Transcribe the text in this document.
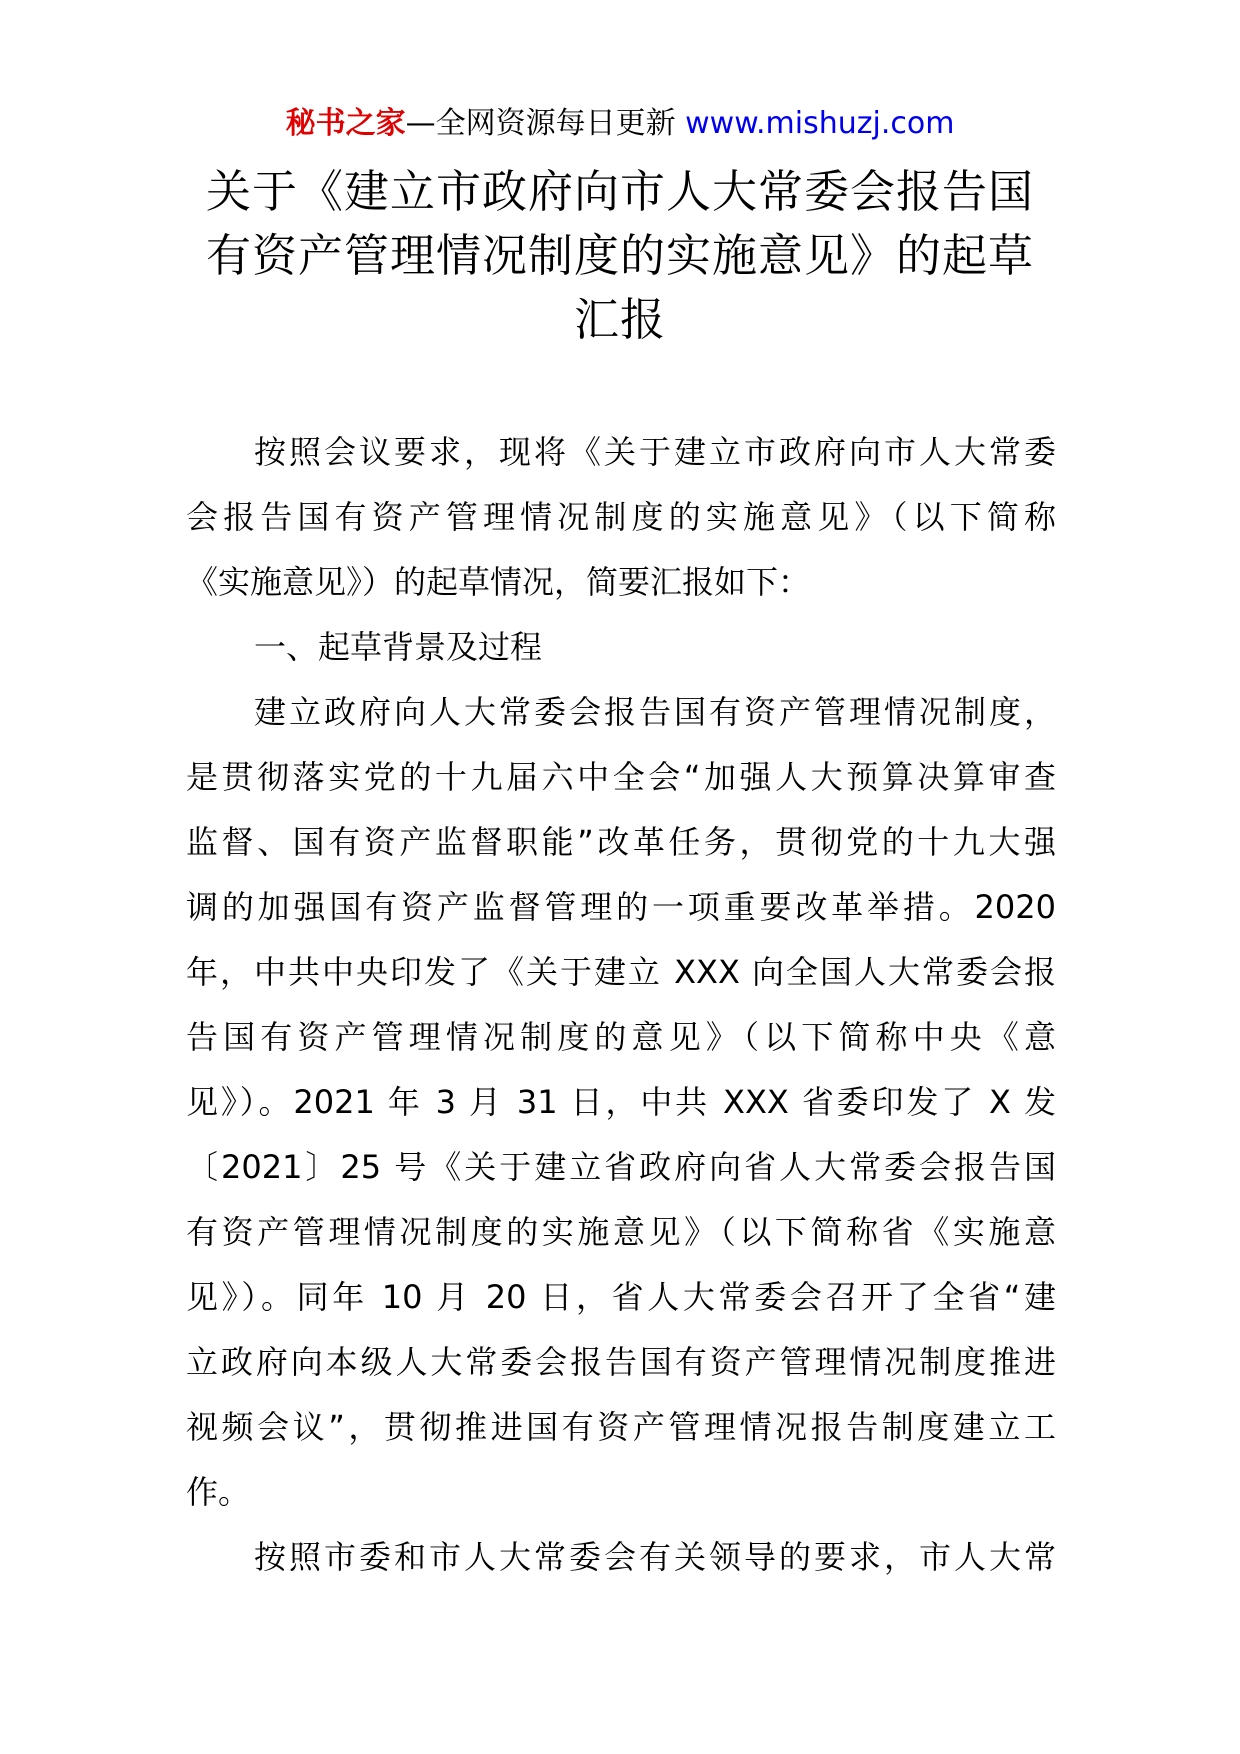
秘书之家—全网资源每日更新 www.mishuzj.com
关于《建立市政府向市人大常委会报告国
有资产管理情况制度的实施意见》的起草
汇报
按照会议要求，现将《关于建立市政府向市人大常委
会报告国有资产管理情况制度的实施意见》（以下简称
《实施意见》）的起草情况，简要汇报如下：
一、起草背景及过程
建立政府向人大常委会报告国有资产管理情况制度，
是贯彻落实党的十九届六中全会“加强人大预算决算审查
监督、国有资产监督职能”改革任务，贯彻党的十九大强
调的加强国有资产监督管理的一项重要改革举措。2020
年，中共中央印发了《关于建立 XXX 向全国人大常委会报
告国有资产管理情况制度的意见》（以下简称中央《意
见》）。2021 年 3 月 31 日，中共 XXX 省委印发了 X 发
〔2021〕25 号《关于建立省政府向省人大常委会报告国
有资产管理情况制度的实施意见》（以下简称省《实施意
见》）。同年 10 月 20 日，省人大常委会召开了全省“建
立政府向本级人大常委会报告国有资产管理情况制度推进
视频会议”，贯彻推进国有资产管理情况报告制度建立工
作。
按照市委和市人大常委会有关领导的要求，市人大常
